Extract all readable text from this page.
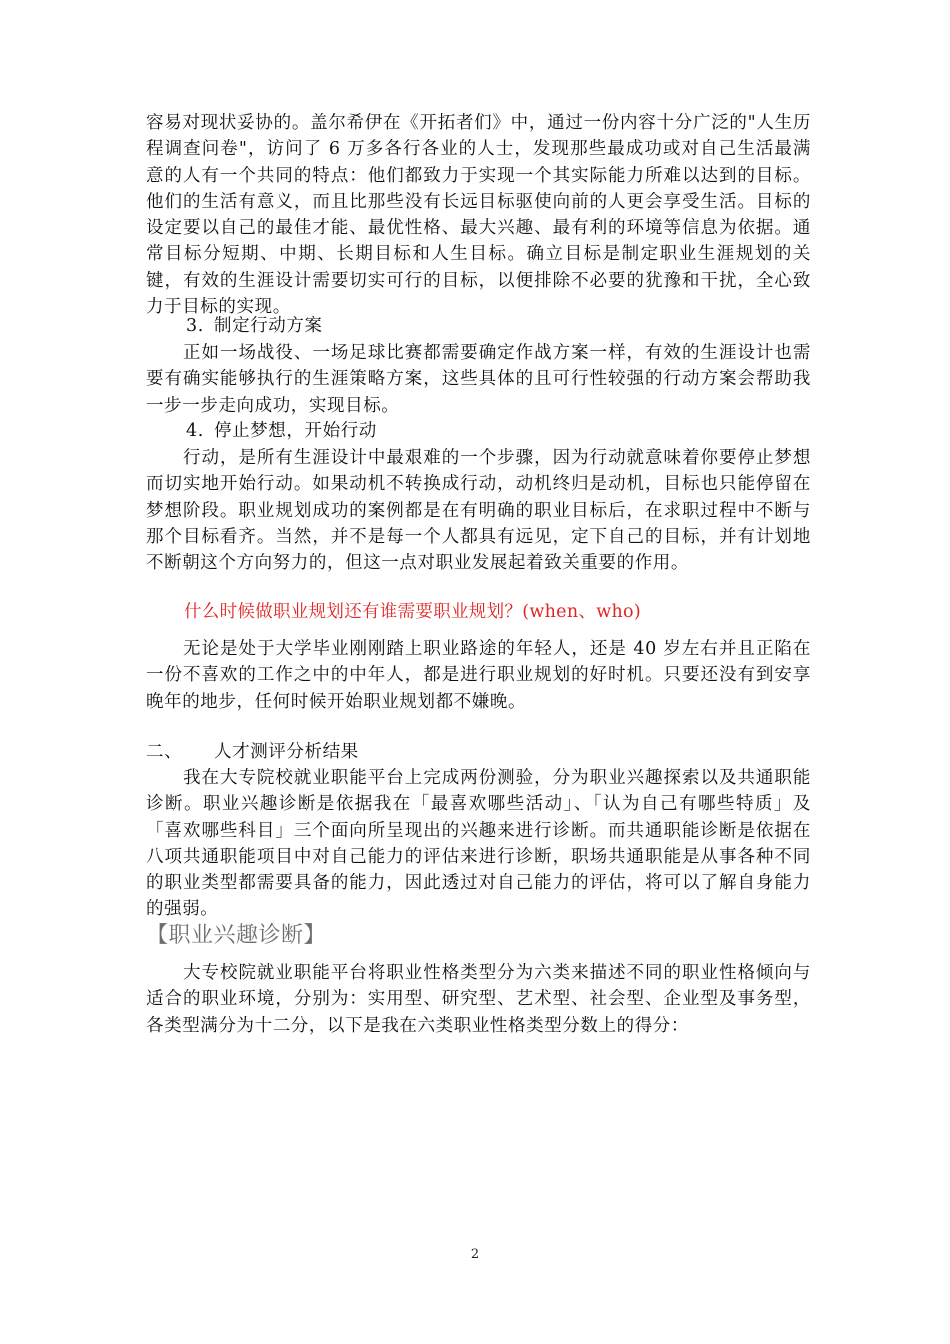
容易对现状妥协的。盖尔希伊在《开拓者们》中，通过一份内容十分广泛的"人生历程调查问卷"，访问了 6 万多各行各业的人士，发现那些最成功或对自己生活最满意的人有一个共同的特点：他们都致力于实现一个其实际能力所难以达到的目标。他们的生活有意义，而且比那些没有长远目标驱使向前的人更会享受生活。目标的设定要以自己的最佳才能、最优性格、最大兴趣、最有利的环境等信息为依据。通常目标分短期、中期、长期目标和人生目标。确立目标是制定职业生涯规划的关键，有效的生涯设计需要切实可行的目标，以便排除不必要的犹豫和干扰，全心致力于目标的实现。

3. 制定行动方案

正如一场战役、一场足球比赛都需要确定作战方案一样，有效的生涯设计也需要有确实能够执行的生涯策略方案，这些具体的且可行性较强的行动方案会帮助我一步一步走向成功，实现目标。

4. 停止梦想，开始行动

行动，是所有生涯设计中最艰难的一个步骤，因为行动就意味着你要停止梦想而切实地开始行动。如果动机不转换成行动，动机终归是动机，目标也只能停留在梦想阶段。职业规划成功的案例都是在有明确的职业目标后，在求职过程中不断与那个目标看齐。当然，并不是每一个人都具有远见，定下自己的目标，并有计划地不断朝这个方向努力的，但这一点对职业发展起着致关重要的作用。

什么时候做职业规划还有谁需要职业规划？(when、who)

无论是处于大学毕业刚刚踏上职业路途的年轻人，还是 40 岁左右并且正陷在一份不喜欢的工作之中的中年人，都是进行职业规划的好时机。只要还没有到安享晚年的地步，任何时候开始职业规划都不嫌晚。

二、 人才测评分析结果

我在大专院校就业职能平台上完成两份测验，分为职业兴趣探索以及共通职能诊断。职业兴趣诊断是依据我在「最喜欢哪些活动」、「认为自己有哪些特质」及「喜欢哪些科目」三个面向所呈现出的兴趣来进行诊断。而共通职能诊断是依据在八项共通职能项目中对自己能力的评估来进行诊断，职场共通职能是从事各种不同的职业类型都需要具备的能力，因此透过对自己能力的评估，将可以了解自身能力的强弱。

【职业兴趣诊断】

大专校院就业职能平台将职业性格类型分为六类来描述不同的职业性格倾向与适合的职业环境，分别为：实用型、研究型、艺术型、社会型、企业型及事务型，各类型满分为十二分，以下是我在六类职业性格类型分数上的得分：

2
